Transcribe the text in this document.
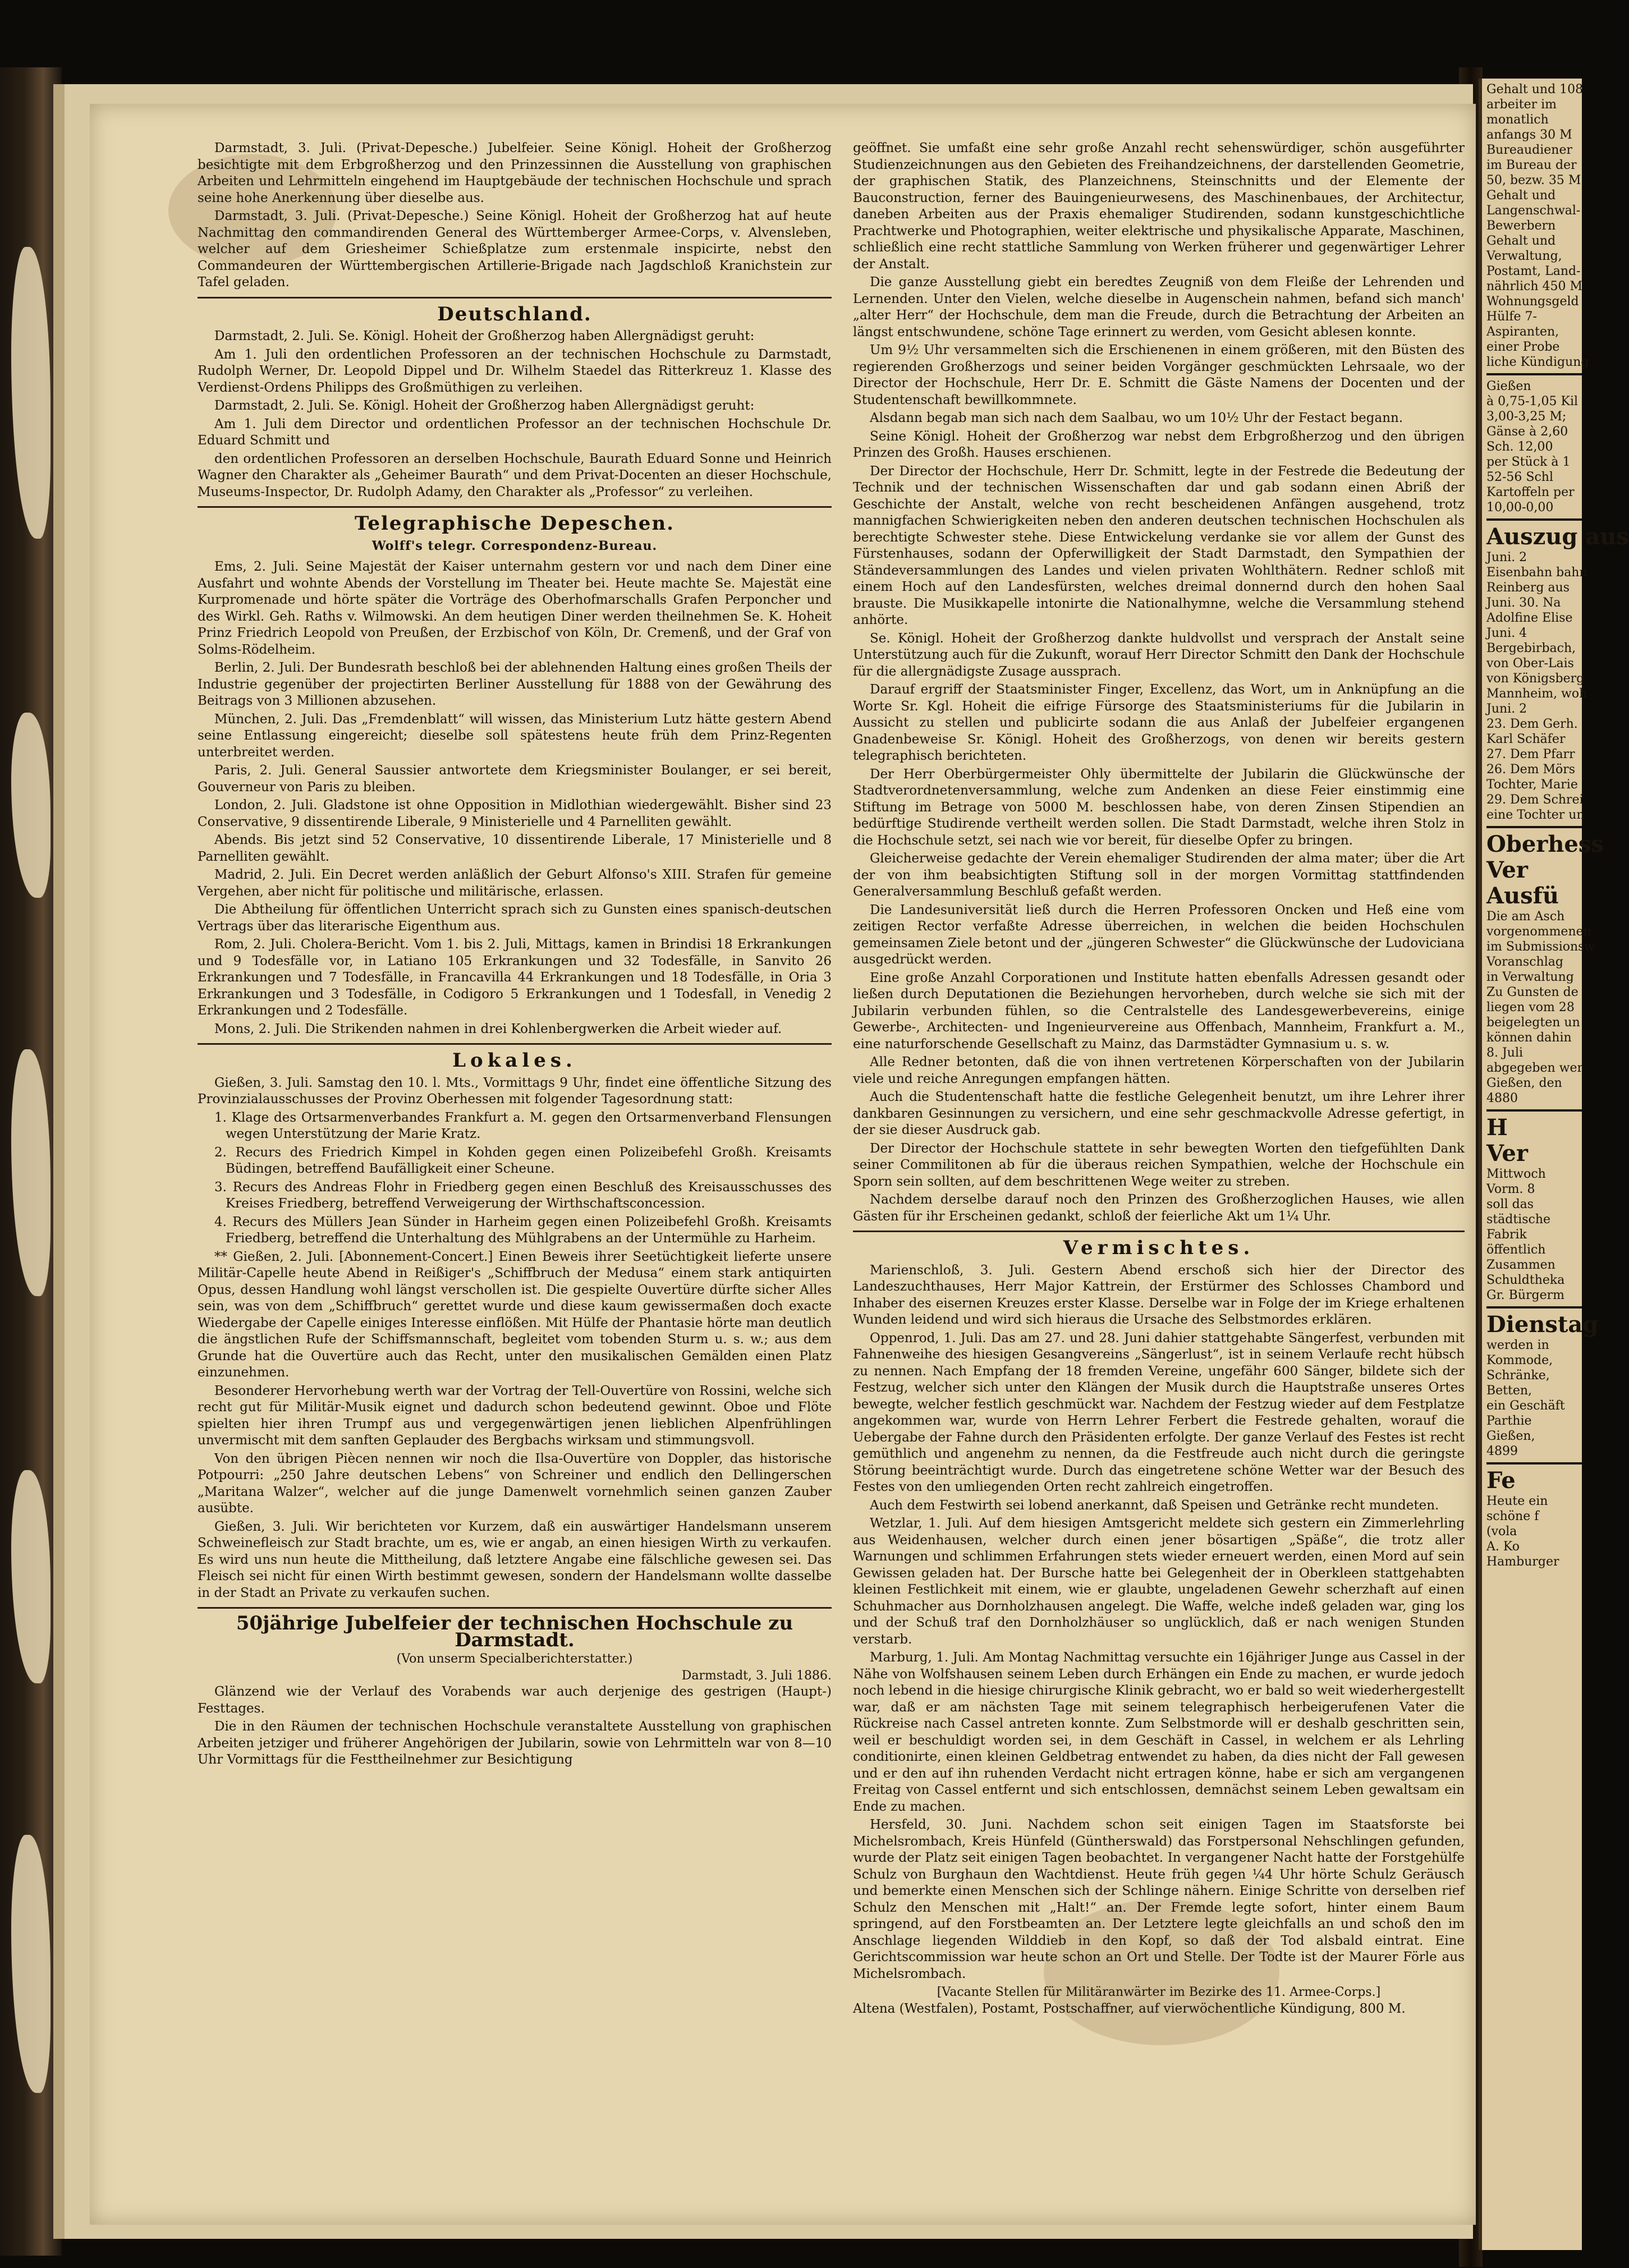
Darmstadt, 3. Juli. (Privat-Depesche.) Jubelfeier. Seine Königl. Hoheit der Großherzog besichtigte mit dem Erbgroßherzog und den Prinzessinnen die Ausstellung von graphischen Arbeiten und Lehrmitteln eingehend im Hauptgebäude der technischen Hochschule und sprach seine hohe Anerkennung über dieselbe aus.
Darmstadt, 3. Juli. (Privat-Depesche.) Seine Königl. Hoheit der Großherzog hat auf heute Nachmittag den commandirenden General des Württemberger Armee-Corps, v. Alvensleben, welcher auf dem Griesheimer Schießplatze zum erstenmale inspicirte, nebst den Commandeuren der Württembergischen Artillerie-Brigade nach Jagdschloß Kranichstein zur Tafel geladen.
Deutschland.
Darmstadt, 2. Juli. Se. Königl. Hoheit der Großherzog haben Allergnädigst geruht:
Am 1. Juli den ordentlichen Professoren an der technischen Hochschule zu Darmstadt, Rudolph Werner, Dr. Leopold Dippel und Dr. Wilhelm Staedel das Ritterkreuz 1. Klasse des Verdienst-Ordens Philipps des Großmüthigen zu verleihen.
Darmstadt, 2. Juli. Se. Königl. Hoheit der Großherzog haben Allergnädigst geruht:
Am 1. Juli dem Director und ordentlichen Professor an der technischen Hochschule Dr. Eduard Schmitt und
den ordentlichen Professoren an derselben Hochschule, Baurath Eduard Sonne und Heinrich Wagner den Charakter als „Geheimer Baurath“ und dem Privat-Docenten an dieser Hochschule, Museums-Inspector, Dr. Rudolph Adamy, den Charakter als „Professor“ zu verleihen.
Telegraphische Depeschen.
Wolff's telegr. Correspondenz-Bureau.
Ems, 2. Juli. Seine Majestät der Kaiser unternahm gestern vor und nach dem Diner eine Ausfahrt und wohnte Abends der Vorstellung im Theater bei. Heute machte Se. Majestät eine Kurpromenade und hörte später die Vorträge des Oberhofmarschalls Grafen Perponcher und des Wirkl. Geh. Raths v. Wilmowski. An dem heutigen Diner werden theilnehmen Se. K. Hoheit Prinz Friedrich Leopold von Preußen, der Erzbischof von Köln, Dr. Cremenß, und der Graf von Solms-Rödelheim.
Berlin, 2. Juli. Der Bundesrath beschloß bei der ablehnenden Haltung eines großen Theils der Industrie gegenüber der projectirten Berliner Ausstellung für 1888 von der Gewährung des Beitrags von 3 Millionen abzusehen.
München, 2. Juli. Das „Fremdenblatt“ will wissen, das Ministerium Lutz hätte gestern Abend seine Entlassung eingereicht; dieselbe soll spätestens heute früh dem Prinz-Regenten unterbreitet werden.
Paris, 2. Juli. General Saussier antwortete dem Kriegsminister Boulanger, er sei bereit, Gouverneur von Paris zu bleiben.
London, 2. Juli. Gladstone ist ohne Opposition in Midlothian wiedergewählt. Bisher sind 23 Conservative, 9 dissentirende Liberale, 9 Ministerielle und 4 Parnelliten gewählt.
Abends. Bis jetzt sind 52 Conservative, 10 dissentirende Liberale, 17 Ministerielle und 8 Parnelliten gewählt.
Madrid, 2. Juli. Ein Decret werden anläßlich der Geburt Alfonso's XIII. Strafen für gemeine Vergehen, aber nicht für politische und militärische, erlassen.
Die Abtheilung für öffentlichen Unterricht sprach sich zu Gunsten eines spanisch-deutschen Vertrags über das literarische Eigenthum aus.
Rom, 2. Juli. Cholera-Bericht. Vom 1. bis 2. Juli, Mittags, kamen in Brindisi 18 Erkrankungen und 9 Todesfälle vor, in Latiano 105 Erkrankungen und 32 Todesfälle, in Sanvito 26 Erkrankungen und 7 Todesfälle, in Francavilla 44 Erkrankungen und 18 Todesfälle, in Oria 3 Erkrankungen und 3 Todesfälle, in Codigoro 5 Erkrankungen und 1 Todesfall, in Venedig 2 Erkrankungen und 2 Todesfälle.
Mons, 2. Juli. Die Strikenden nahmen in drei Kohlenbergwerken die Arbeit wieder auf.
Lokales.
Gießen, 3. Juli. Samstag den 10. l. Mts., Vormittags 9 Uhr, findet eine öffentliche Sitzung des Provinzialausschusses der Provinz Oberhessen mit folgender Tagesordnung statt:
1. Klage des Ortsarmenverbandes Frankfurt a. M. gegen den Ortsarmenverband Flensungen wegen Unterstützung der Marie Kratz.
2. Recurs des Friedrich Kimpel in Kohden gegen einen Polizeibefehl Großh. Kreisamts Büdingen, betreffend Baufälligkeit einer Scheune.
3. Recurs des Andreas Flohr in Friedberg gegen einen Beschluß des Kreisausschusses des Kreises Friedberg, betreffend Verweigerung der Wirthschaftsconcession.
4. Recurs des Müllers Jean Sünder in Harheim gegen einen Polizeibefehl Großh. Kreisamts Friedberg, betreffend die Unterhaltung des Mühlgrabens an der Untermühle zu Harheim.
** Gießen, 2. Juli. [Abonnement-Concert.] Einen Beweis ihrer Seetüchtigkeit lieferte unsere Militär-Capelle heute Abend in Reißiger's „Schiffbruch der Medusa“ einem stark antiquirten Opus, dessen Handlung wohl längst verschollen ist. Die gespielte Ouvertüre dürfte sicher Alles sein, was von dem „Schiffbruch“ gerettet wurde und diese kaum gewissermaßen doch exacte Wiedergabe der Capelle einiges Interesse einflößen. Mit Hülfe der Phantasie hörte man deutlich die ängstlichen Rufe der Schiffsmannschaft, begleitet vom tobenden Sturm u. s. w.; aus dem Grunde hat die Ouvertüre auch das Recht, unter den musikalischen Gemälden einen Platz einzunehmen.
Besonderer Hervorhebung werth war der Vortrag der Tell-Ouvertüre von Rossini, welche sich recht gut für Militär-Musik eignet und dadurch schon bedeutend gewinnt. Oboe und Flöte spielten hier ihren Trumpf aus und vergegenwärtigen jenen lieblichen Alpenfrühlingen unvermischt mit dem sanften Geplauder des Bergbachs wirksam und stimmungsvoll.
Von den übrigen Piècen nennen wir noch die Ilsa-Ouvertüre von Doppler, das historische Potpourri: „250 Jahre deutschen Lebens“ von Schreiner und endlich den Dellingerschen „Maritana Walzer“, welcher auf die junge Damenwelt vornehmlich seinen ganzen Zauber ausübte.
Gießen, 3. Juli. Wir berichteten vor Kurzem, daß ein auswärtiger Handelsmann unserem Schweinefleisch zur Stadt brachte, um es, wie er angab, an einen hiesigen Wirth zu verkaufen. Es wird uns nun heute die Mittheilung, daß letztere Angabe eine fälschliche gewesen sei. Das Fleisch sei nicht für einen Wirth bestimmt gewesen, sondern der Handelsmann wollte dasselbe in der Stadt an Private zu verkaufen suchen.
50jährige Jubelfeier der technischen Hochschule zu Darmstadt.
(Von unserm Specialberichterstatter.)
Darmstadt, 3. Juli 1886.
Glänzend wie der Verlauf des Vorabends war auch derjenige des gestrigen (Haupt-) Festtages.
Die in den Räumen der technischen Hochschule veranstaltete Ausstellung von graphischen Arbeiten jetziger und früherer Angehörigen der Jubilarin, sowie von Lehrmitteln war von 8—10 Uhr Vormittags für die Festtheilnehmer zur Besichtigung
geöffnet. Sie umfaßt eine sehr große Anzahl recht sehenswürdiger, schön ausgeführter Studienzeichnungen aus den Gebieten des Freihandzeichnens, der darstellenden Geometrie, der graphischen Statik, des Planzeichnens, Steinschnitts und der Elemente der Bauconstruction, ferner des Bauingenieurwesens, des Maschinenbaues, der Architectur, daneben Arbeiten aus der Praxis ehemaliger Studirenden, sodann kunstgeschichtliche Prachtwerke und Photographien, weiter elektrische und physikalische Apparate, Maschinen, schließlich eine recht stattliche Sammlung von Werken früherer und gegenwärtiger Lehrer der Anstalt.
Die ganze Ausstellung giebt ein beredtes Zeugniß von dem Fleiße der Lehrenden und Lernenden. Unter den Vielen, welche dieselbe in Augenschein nahmen, befand sich manch' „alter Herr“ der Hochschule, dem man die Freude, durch die Betrachtung der Arbeiten an längst entschwundene, schöne Tage erinnert zu werden, vom Gesicht ablesen konnte.
Um 9½ Uhr versammelten sich die Erschienenen in einem größeren, mit den Büsten des regierenden Großherzogs und seiner beiden Vorgänger geschmückten Lehrsaale, wo der Director der Hochschule, Herr Dr. E. Schmitt die Gäste Namens der Docenten und der Studentenschaft bewillkommnete.
Alsdann begab man sich nach dem Saalbau, wo um 10½ Uhr der Festact begann.
Seine Königl. Hoheit der Großherzog war nebst dem Erbgroßherzog und den übrigen Prinzen des Großh. Hauses erschienen.
Der Director der Hochschule, Herr Dr. Schmitt, legte in der Festrede die Bedeutung der Technik und der technischen Wissenschaften dar und gab sodann einen Abriß der Geschichte der Anstalt, welche von recht bescheidenen Anfängen ausgehend, trotz mannigfachen Schwierigkeiten neben den anderen deutschen technischen Hochschulen als berechtigte Schwester stehe. Diese Entwickelung verdanke sie vor allem der Gunst des Fürstenhauses, sodann der Opferwilligkeit der Stadt Darmstadt, den Sympathien der Ständeversammlungen des Landes und vielen privaten Wohlthätern. Redner schloß mit einem Hoch auf den Landesfürsten, welches dreimal donnernd durch den hohen Saal brauste. Die Musikkapelle intonirte die Nationalhymne, welche die Versammlung stehend anhörte.
Se. Königl. Hoheit der Großherzog dankte huldvollst und versprach der Anstalt seine Unterstützung auch für die Zukunft, worauf Herr Director Schmitt den Dank der Hochschule für die allergnädigste Zusage aussprach.
Darauf ergriff der Staatsminister Finger, Excellenz, das Wort, um in Anknüpfung an die Worte Sr. Kgl. Hoheit die eifrige Fürsorge des Staatsministeriums für die Jubilarin in Aussicht zu stellen und publicirte sodann die aus Anlaß der Jubelfeier ergangenen Gnadenbeweise Sr. Königl. Hoheit des Großherzogs, von denen wir bereits gestern telegraphisch berichteten.
Der Herr Oberbürgermeister Ohly übermittelte der Jubilarin die Glückwünsche der Stadtverordnetenversammlung, welche zum Andenken an diese Feier einstimmig eine Stiftung im Betrage von 5000 M. beschlossen habe, von deren Zinsen Stipendien an bedürftige Studirende vertheilt werden sollen. Die Stadt Darmstadt, welche ihren Stolz in die Hochschule setzt, sei nach wie vor bereit, für dieselbe Opfer zu bringen.
Gleicherweise gedachte der Verein ehemaliger Studirenden der alma mater; über die Art der von ihm beabsichtigten Stiftung soll in der morgen Vormittag stattfindenden Generalversammlung Beschluß gefaßt werden.
Die Landesuniversität ließ durch die Herren Professoren Oncken und Heß eine vom zeitigen Rector verfaßte Adresse überreichen, in welchen die beiden Hochschulen gemeinsamen Ziele betont und der „jüngeren Schwester“ die Glückwünsche der Ludoviciana ausgedrückt werden.
Eine große Anzahl Corporationen und Institute hatten ebenfalls Adressen gesandt oder ließen durch Deputationen die Beziehungen hervorheben, durch welche sie sich mit der Jubilarin verbunden fühlen, so die Centralstelle des Landesgewerbevereins, einige Gewerbe-, Architecten- und Ingenieurvereine aus Offenbach, Mannheim, Frankfurt a. M., eine naturforschende Gesellschaft zu Mainz, das Darmstädter Gymnasium u. s. w.
Alle Redner betonten, daß die von ihnen vertretenen Körperschaften von der Jubilarin viele und reiche Anregungen empfangen hätten.
Auch die Studentenschaft hatte die festliche Gelegenheit benutzt, um ihre Lehrer ihrer dankbaren Gesinnungen zu versichern, und eine sehr geschmackvolle Adresse gefertigt, in der sie dieser Ausdruck gab.
Der Director der Hochschule stattete in sehr bewegten Worten den tiefgefühlten Dank seiner Commilitonen ab für die überaus reichen Sympathien, welche der Hochschule ein Sporn sein sollten, auf dem beschrittenen Wege weiter zu streben.
Nachdem derselbe darauf noch den Prinzen des Großherzoglichen Hauses, wie allen Gästen für ihr Erscheinen gedankt, schloß der feierliche Akt um 1¼ Uhr.
Vermischtes.
Marienschloß, 3. Juli. Gestern Abend erschoß sich hier der Director des Landeszuchthauses, Herr Major Kattrein, der Erstürmer des Schlosses Chambord und Inhaber des eisernen Kreuzes erster Klasse. Derselbe war in Folge der im Kriege erhaltenen Wunden leidend und wird sich hieraus die Ursache des Selbstmordes erklären.
Oppenrod, 1. Juli. Das am 27. und 28. Juni dahier stattgehabte Sängerfest, verbunden mit Fahnenweihe des hiesigen Gesangvereins „Sängerlust“, ist in seinem Verlaufe recht hübsch zu nennen. Nach Empfang der 18 fremden Vereine, ungefähr 600 Sänger, bildete sich der Festzug, welcher sich unter den Klängen der Musik durch die Hauptstraße unseres Ortes bewegte, welcher festlich geschmückt war. Nachdem der Festzug wieder auf dem Festplatze angekommen war, wurde von Herrn Lehrer Ferbert die Festrede gehalten, worauf die Uebergabe der Fahne durch den Präsidenten erfolgte. Der ganze Verlauf des Festes ist recht gemüthlich und angenehm zu nennen, da die Festfreude auch nicht durch die geringste Störung beeinträchtigt wurde. Durch das eingetretene schöne Wetter war der Besuch des Festes von den umliegenden Orten recht zahlreich eingetroffen.
Auch dem Festwirth sei lobend anerkannt, daß Speisen und Getränke recht mundeten.
Wetzlar, 1. Juli. Auf dem hiesigen Amtsgericht meldete sich gestern ein Zimmerlehrling aus Weidenhausen, welcher durch einen jener bösartigen „Späße“, die trotz aller Warnungen und schlimmen Erfahrungen stets wieder erneuert werden, einen Mord auf sein Gewissen geladen hat. Der Bursche hatte bei Gelegenheit der in Oberkleen stattgehabten kleinen Festlichkeit mit einem, wie er glaubte, ungeladenen Gewehr scherzhaft auf einen Schuhmacher aus Dornholzhausen angelegt. Die Waffe, welche indeß geladen war, ging los und der Schuß traf den Dornholzhäuser so unglücklich, daß er nach wenigen Stunden verstarb.
Marburg, 1. Juli. Am Montag Nachmittag versuchte ein 16jähriger Junge aus Cassel in der Nähe von Wolfshausen seinem Leben durch Erhängen ein Ende zu machen, er wurde jedoch noch lebend in die hiesige chirurgische Klinik gebracht, wo er bald so weit wiederhergestellt war, daß er am nächsten Tage mit seinem telegraphisch herbeigerufenen Vater die Rückreise nach Cassel antreten konnte. Zum Selbstmorde will er deshalb geschritten sein, weil er beschuldigt worden sei, in dem Geschäft in Cassel, in welchem er als Lehrling conditionirte, einen kleinen Geldbetrag entwendet zu haben, da dies nicht der Fall gewesen und er den auf ihn ruhenden Verdacht nicht ertragen könne, habe er sich am vergangenen Freitag von Cassel entfernt und sich entschlossen, demnächst seinem Leben gewaltsam ein Ende zu machen.
Hersfeld, 30. Juni. Nachdem schon seit einigen Tagen im Staatsforste bei Michelsrombach, Kreis Hünfeld (Güntherswald) das Forstpersonal Nehschlingen gefunden, wurde der Platz seit einigen Tagen beobachtet. In vergangener Nacht hatte der Forstgehülfe Schulz von Burghaun den Wachtdienst. Heute früh gegen ¼4 Uhr hörte Schulz Geräusch und bemerkte einen Menschen sich der Schlinge nähern. Einige Schritte von derselben rief Schulz den Menschen mit „Halt!“ an. Der Fremde legte sofort, hinter einem Baum springend, auf den Forstbeamten an. Der Letztere legte gleichfalls an und schoß den im Anschlage liegenden Wilddieb in den Kopf, so daß der Tod alsbald eintrat. Eine Gerichtscommission war heute schon an Ort und Stelle. Der Todte ist der Maurer Förle aus Michelsrombach.
[Vacante Stellen für Militäranwärter im Bezirke des 11. Armee-Corps.]
Altena (Westfalen), Postamt, Postschaffner, auf vierwöchentliche Kündigung, 800 M.
Gehalt und 108
arbeiter im
monatlich
anfangs 30 M
Bureaudiener
im Bureau der
50, bezw. 35 M
Gehalt und
Langenschwal-
Bewerbern
Gehalt und
Verwaltung,
Postamt, Land-
nährlich 450 M
Wohnungsgeld
Hülfe 7-
Aspiranten,
einer Probe
liche Kündigung
Gießen
à 0,75-1,05 Kil
3,00-3,25 M;
Gänse à 2,60
Sch. 12,00
per Stück à 1
52-56 Schl
Kartoffeln per
10,00-0,00
Auszug aus
Juni. 2
Eisenbahn bahn
Reinberg aus
Juni. 30. Na
Adolfine Elise
Juni. 4
Bergebirbach,
von Ober-Lais
von Königsberg
Mannheim, woh
Juni. 2
23. Dem Gerh.
Karl Schäfer
27. Dem Pfarr
26. Dem Mörs
Tochter, Marie
29. Dem Schrei
eine Tochter un
Oberhess
Ver
Ausfü
Die am Asch
vorgenommenen
im Submissionsw
Voranschlag
in Verwaltung
Zu Gunsten de
liegen vom 28
beigelegten un
können dahin
8. Juli
abgegeben wer
Gießen, den
4880
H
Ver
Mittwoch
Vorm. 8
soll das
städtische
Fabrik
öffentlich
Zusammen
Schuldtheka
Gr. Bürgerm
Dienstag
werden in
Kommode,
Schränke,
Betten,
ein Geschäft
Parthie
Gießen,
4899
Fe
Heute ein
schöne f
(vola
A. Ko
Hamburger
